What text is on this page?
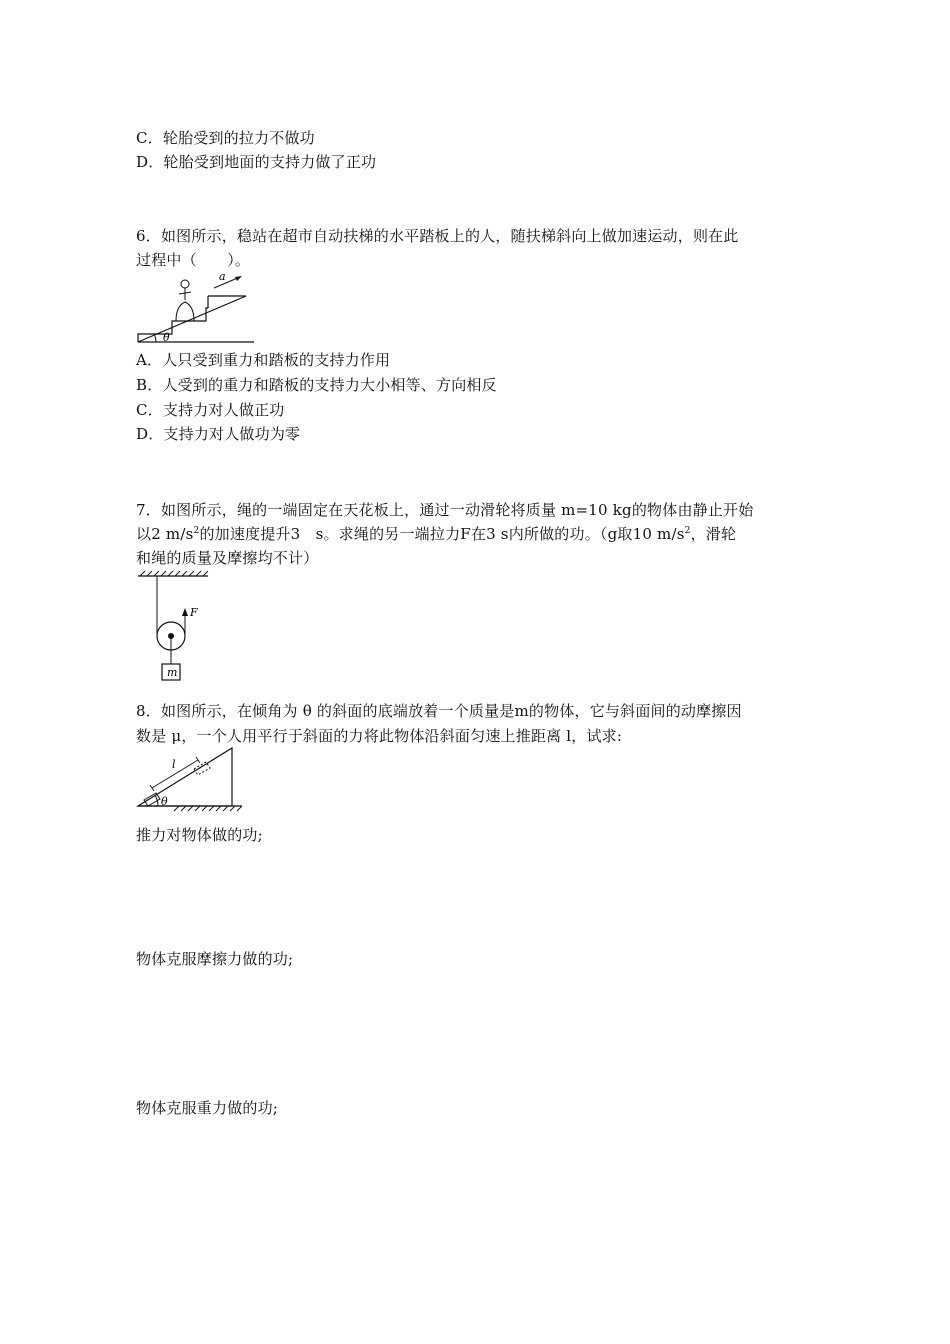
C．轮胎受到的拉力不做功
D．轮胎受到地面的支持力做了正功
6．如图所示，稳站在超市自动扶梯的水平踏板上的人，随扶梯斜向上做加速运动，则在此
过程中（　　）。
a
θ
A．人只受到重力和踏板的支持力作用
B．人受到的重力和踏板的支持力大小相等、方向相反
C．支持力对人做正功
D．支持力对人做功为零
7．如图所示，绳的一端固定在天花板上，通过一动滑轮将质量 m=10 kg的物体由静止开始
以2 $m/s^2$的加速度提升3　s。求绳的另一端拉力F在3 s内所做的功。（g取10 $m/s^2$，滑轮
和绳的质量及摩擦均不计）
F
m
8．如图所示，在倾角为 θ 的斜面的底端放着一个质量是m的物体，它与斜面间的动摩擦因
数是 μ，一个人用平行于斜面的力将此物体沿斜面匀速上推距离 l，试求:
l
θ
推力对物体做的功;
物体克服摩擦力做的功;
物体克服重力做的功;
